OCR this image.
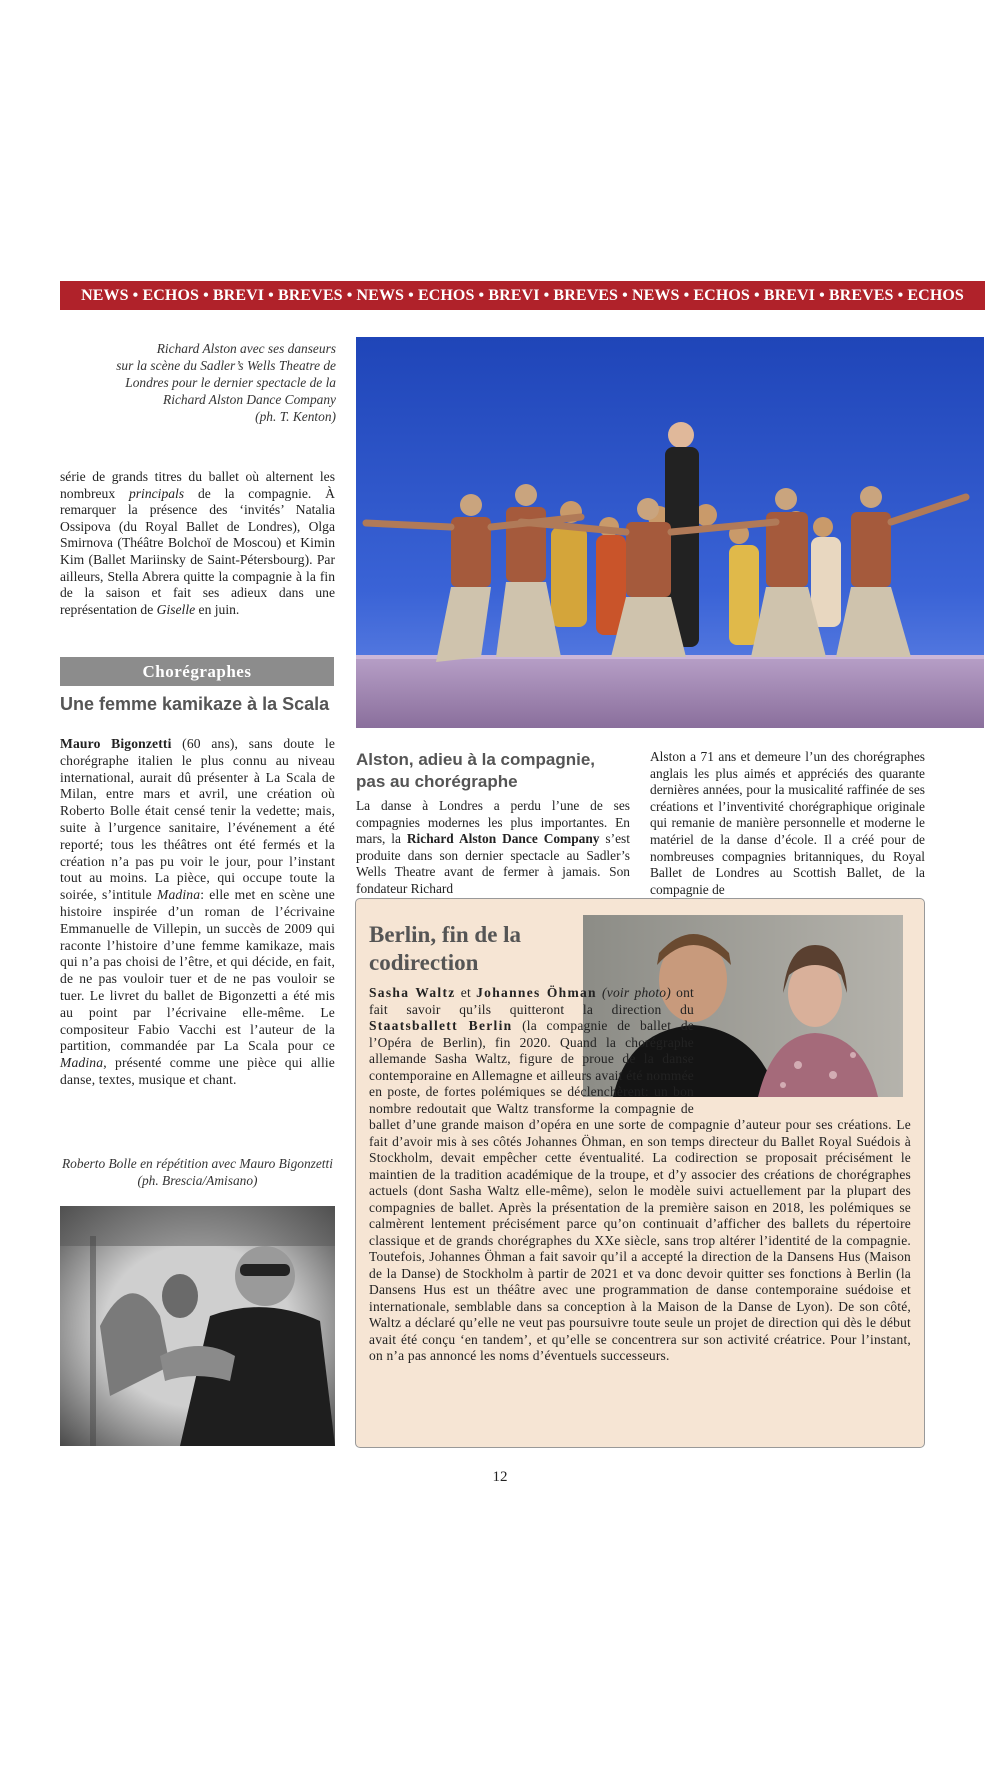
NEWS • ECHOS • BREVI • BREVES • NEWS • ECHOS • BREVI • BREVES • NEWS • ECHOS • BREVI • BREVES • ECHOS
Richard Alston avec ses danseurs
sur la scène du Sadler’s Wells Theatre de
Londres pour le dernier spectacle de la
Richard Alston Dance Company
(ph. T. Kenton)

série de grands titres du ballet où alternent les nombreux principals de la compagnie. À remarquer la présence des ‘invités’ Natalia Ossipova (du Royal Ballet de Londres), Olga Smirnova (Théâtre Bolchoï de Moscou) et Kimin Kim (Ballet Mariinsky de Saint-Pétersbourg). Par ailleurs, Stella Abrera quitte la compagnie à la fin de la saison et fait ses adieux dans une représentation de Giselle en juin.

Chorégraphes
Une femme kamikaze à la Scala

Mauro Bigonzetti (60 ans), sans doute le chorégraphe italien le plus connu au niveau international, aurait dû présenter à La Scala de Milan, entre mars et avril, une création où Roberto Bolle était censé tenir la vedette; mais, suite à l’urgence sanitaire, l’événement a été reporté; tous les théâtres ont été fermés et la création n’a pas pu voir le jour, pour l’instant tout au moins. La pièce, qui occupe toute la soirée, s’intitule Madina: elle met en scène une histoire inspirée d’un roman de l’écrivaine Emmanuelle de Villepin, un succès de 2009 qui raconte l’histoire d’une femme kamikaze, mais qui n’a pas choisi de l’être, et qui décide, en fait, de ne pas vouloir tuer et de ne pas vouloir se tuer. Le livret du ballet de Bigonzetti a été mis au point par l’écrivaine elle-même. Le compositeur Fabio Vacchi est l’auteur de la partition, commandée par La Scala pour ce Madina, présenté comme une pièce qui allie danse, textes, musique et chant.

Roberto Bolle en répétition avec Mauro Bigonzetti (ph. Brescia/Amisano)
Alston, adieu à la compagnie, pas au chorégraphe

La danse à Londres a perdu l’une de ses compagnies modernes les plus importantes. En mars, la Richard Alston Dance Company s’est produite dans son dernier spectacle au Sadler’s Wells Theatre avant de fermer à jamais. Son fondateur Richard

Alston a 71 ans et demeure l’un des chorégraphes anglais les plus aimés et appréciés des quarante dernières années, pour la musicalité raffinée de ses créations et l’inventivité chorégraphique originale qui remanie de manière personnelle et moderne le matériel de la danse d’école. Il a créé pour de nombreuses compagnies britanniques, du Royal Ballet de Londres au Scottish Ballet, de la compagnie de

Berlin, fin de la codirection

Sasha Waltz et Johannes Öhman (voir photo) ont fait savoir qu’ils quitteront la direction du Staatsballett Berlin (la compagnie de ballet de l’Opéra de Berlin), fin 2020. Quand la chorégraphe allemande Sasha Waltz, figure de proue de la danse contemporaine en Allemagne et ailleurs avait été nommée en poste, de fortes polémiques se déclenchèrent: un bon nombre redoutait que Waltz transforme la compagnie de ballet d’une grande maison d’opéra en une sorte de compagnie d’auteur pour ses créations. Le fait d’avoir mis à ses côtés Johannes Öhman, en son temps directeur du Ballet Royal Suédois à Stockholm, devait empêcher cette éventualité. La codirection se proposait précisément le maintien de la tradition académique de la troupe, et d’y associer des créations de chorégraphes actuels (dont Sasha Waltz elle-même), selon le modèle suivi actuellement par la plupart des compagnies de ballet. Après la présentation de la première saison en 2018, les polémiques se calmèrent lentement précisément parce qu’on continuait d’afficher des ballets du répertoire classique et de grands chorégraphes du XXe siècle, sans trop altérer l’identité de la compagnie. Toutefois, Johannes Öhman a fait savoir qu’il a accepté la direction de la Dansens Hus (Maison de la Danse) de Stockholm à partir de 2021 et va donc devoir quitter ses fonctions à Berlin (la Dansens Hus est un théâtre avec une programmation de danse contemporaine suédoise et internationale, semblable dans sa conception à la Maison de la Danse de Lyon). De son côté, Waltz a déclaré qu’elle ne veut pas poursuivre toute seule un projet de direction qui dès le début avait été conçu ‘en tandem’, et qu’elle se concentrera sur son activité créatrice. Pour l’instant, on n’a pas annoncé les noms d’éventuels successeurs.

12
